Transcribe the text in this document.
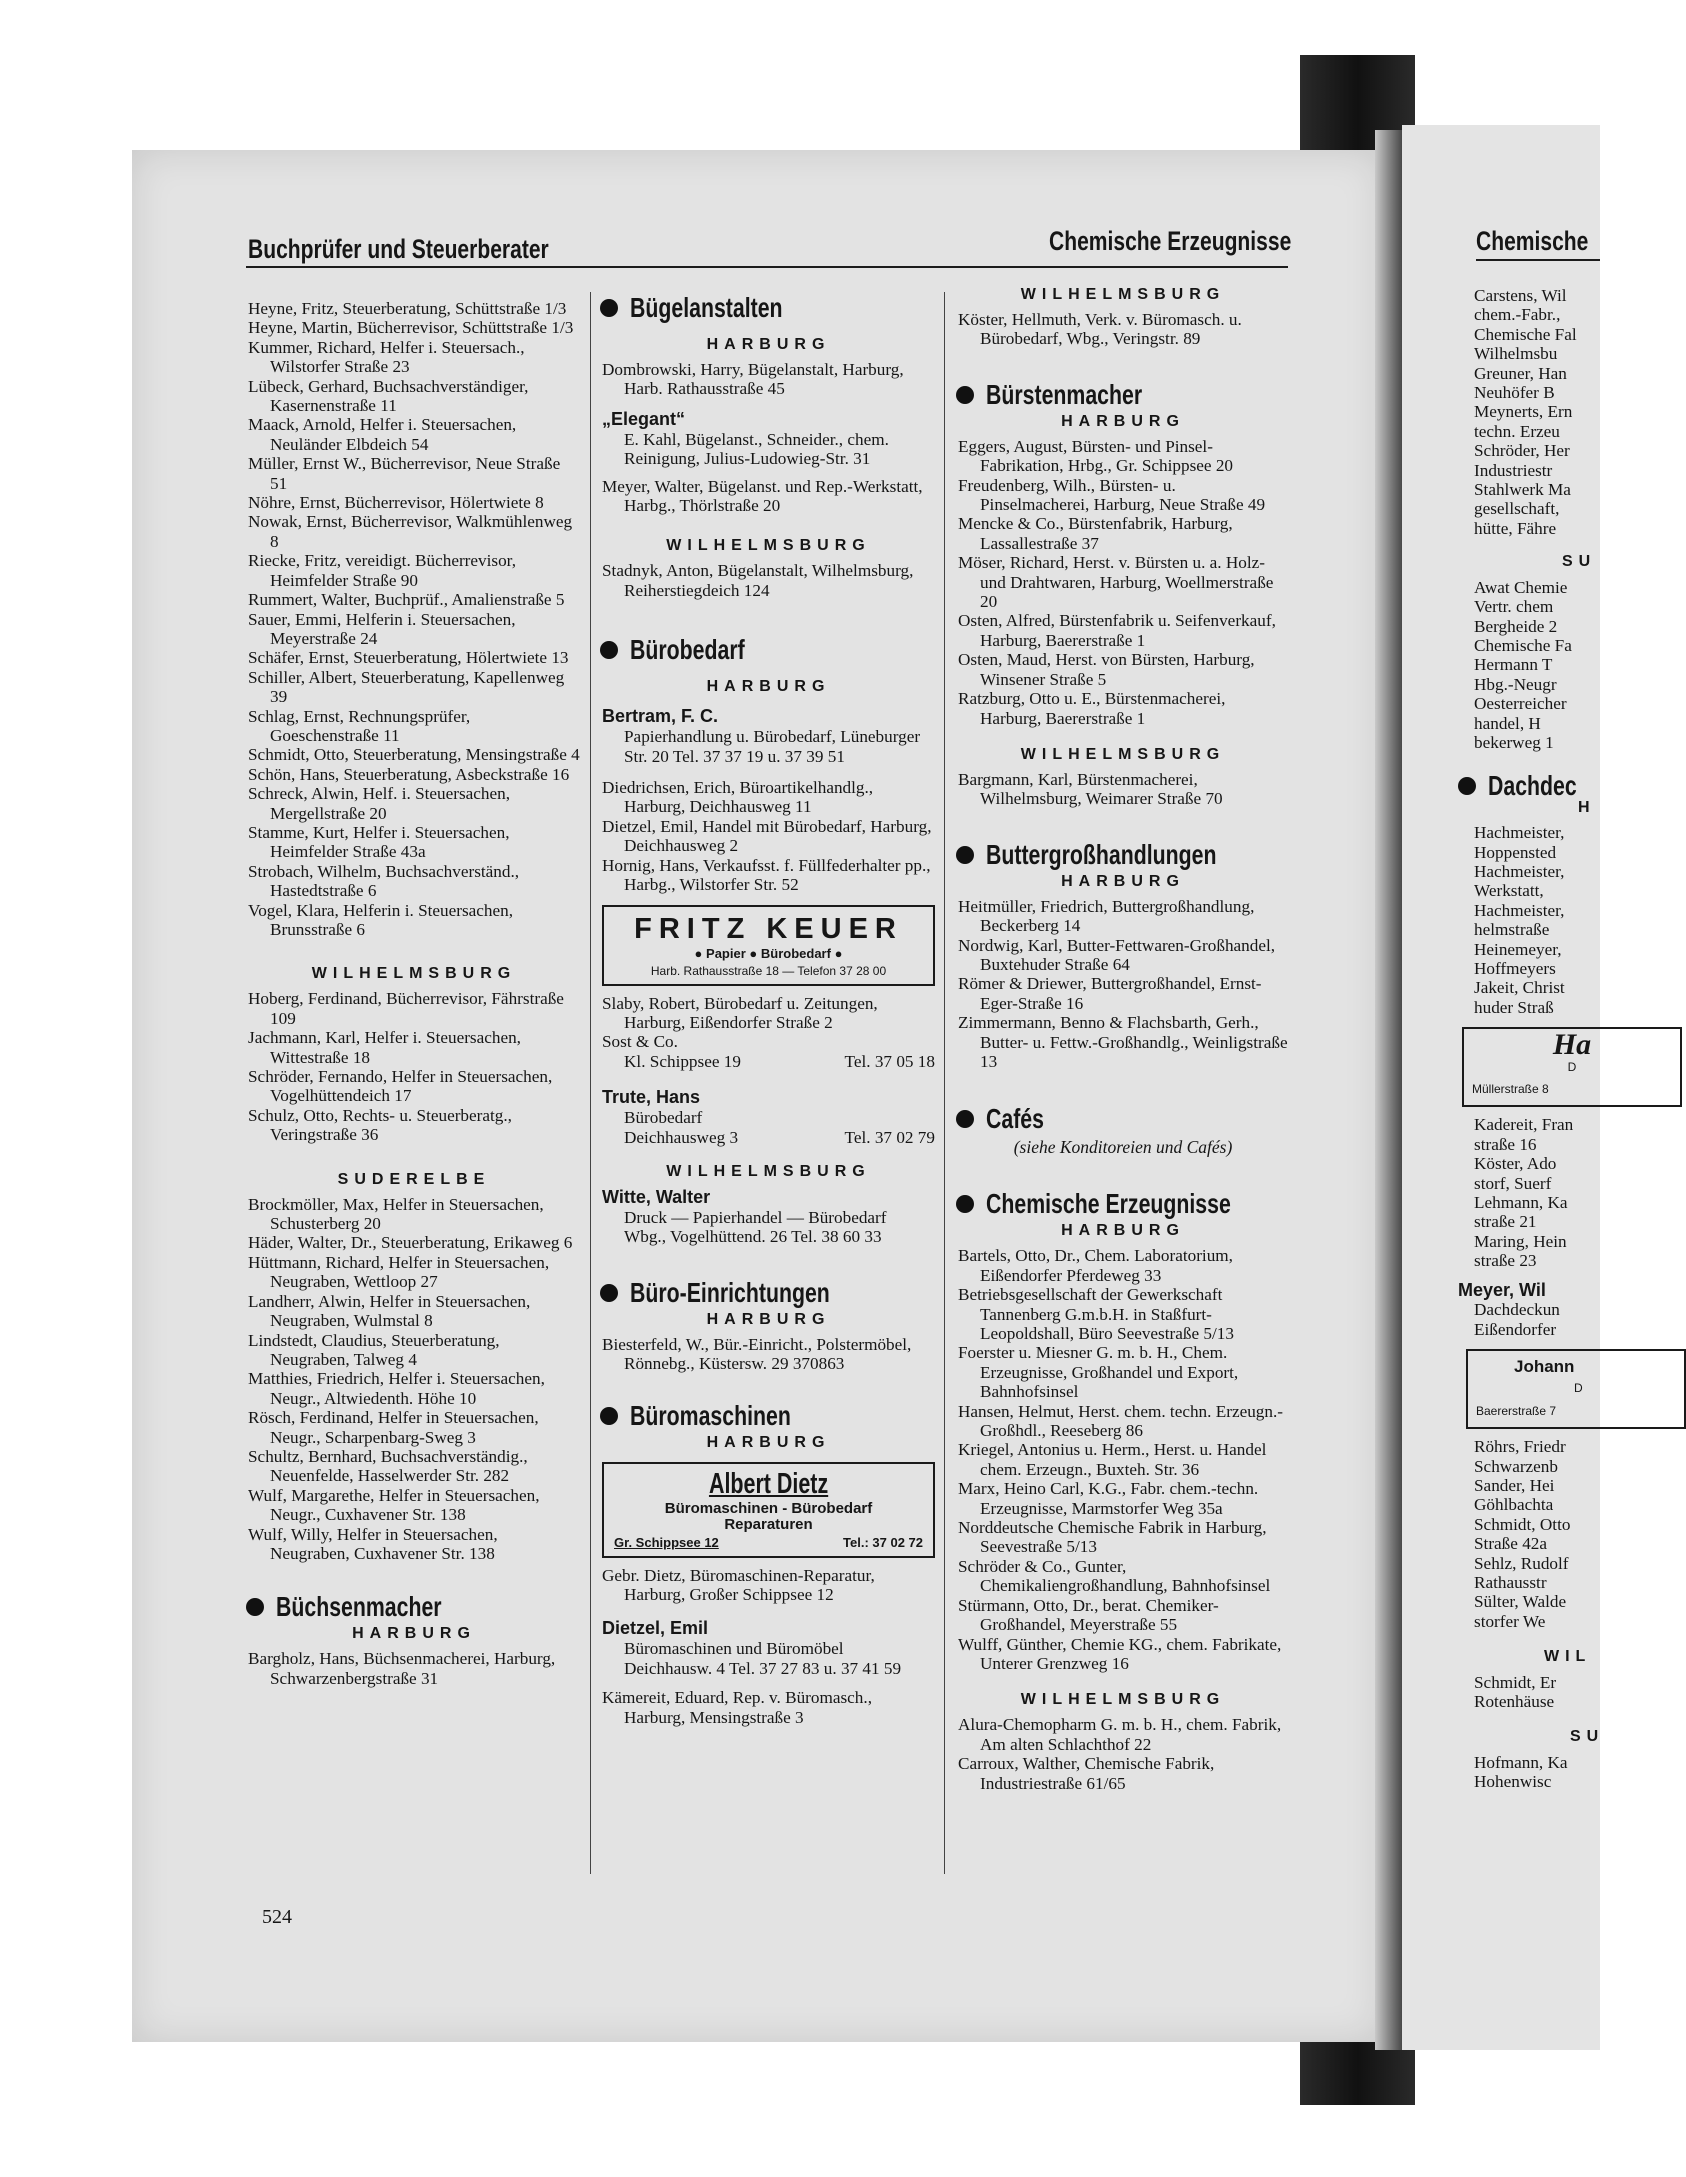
Buchprüfer und Steuerberater	Chemische Erzeugnisse	Chemische
Heyne, Fritz, Steuerberatung, Schüttstraße 1/3
Heyne, Martin, Bücherrevisor, Schüttstraße 1/3
Kummer, Richard, Helfer i. Steuersach., Wilstorfer Straße 23
Lübeck, Gerhard, Buchsachverständiger, Kasernenstraße 11
Maack, Arnold, Helfer i. Steuersachen, Neuländer Elbdeich 54
Müller, Ernst W., Bücherrevisor, Neue Straße 51
Nöhre, Ernst, Bücherrevisor, Hölertwiete 8
Nowak, Ernst, Bücherrevisor, Walkmühlenweg 8
Riecke, Fritz, vereidigt. Bücherrevisor, Heimfelder Straße 90
Rummert, Walter, Buchprüf., Amalienstraße 5
Sauer, Emmi, Helferin i. Steuersachen, Meyerstraße 24
Schäfer, Ernst, Steuerberatung, Hölertwiete 13
Schiller, Albert, Steuerberatung, Kapellenweg 39
Schlag, Ernst, Rechnungsprüfer, Goeschenstraße 11
Schmidt, Otto, Steuerberatung, Mensingstraße 4
Schön, Hans, Steuerberatung, Asbeckstraße 16
Schreck, Alwin, Helf. i. Steuersachen, Mergellstraße 20
Stamme, Kurt, Helfer i. Steuersachen, Heimfelder Straße 43a
Strobach, Wilhelm, Buchsachverständ., Hastedtstraße 6
Vogel, Klara, Helferin i. Steuersachen, Brunsstraße 6
WILHELMSBURG
Hoberg, Ferdinand, Bücherrevisor, Fährstraße 109
Jachmann, Karl, Helfer i. Steuersachen, Wittestraße 18
Schröder, Fernando, Helfer in Steuersachen, Vogelhüttendeich 17
Schulz, Otto, Rechts- u. Steuerberatg., Veringstraße 36
SUDERELBE
Brockmöller, Max, Helfer in Steuersachen, Schusterberg 20
Häder, Walter, Dr., Steuerberatung, Erikaweg 6
Hüttmann, Richard, Helfer in Steuersachen, Neugraben, Wettloop 27
Landherr, Alwin, Helfer in Steuersachen, Neugraben, Wulmstal 8
Lindstedt, Claudius, Steuerberatung, Neugraben, Talweg 4
Matthies, Friedrich, Helfer i. Steuersachen, Neugr., Altwiedenth. Höhe 10
Rösch, Ferdinand, Helfer in Steuersachen, Neugr., Scharpenbarg-Sweg 3
Schultz, Bernhard, Buchsachverständig., Neuenfelde, Hasselwerder Str. 282
Wulf, Margarethe, Helfer in Steuersachen, Neugr., Cuxhavener Str. 138
Wulf, Willy, Helfer in Steuersachen, Neugraben, Cuxhavener Str. 138
Büchsenmacher
HARBURG
Bargholz, Hans, Büchsenmacherei, Harburg, Schwarzenbergstraße 31
Bügelanstalten
HARBURG
Dombrowski, Harry, Bügelanstalt, Harburg, Harb. Rathausstraße 45
„Elegant“
E. Kahl, Bügelanst., Schneider., chem. Reinigung, Julius-Ludowieg-Str. 31
Meyer, Walter, Bügelanst. und Rep.-Werkstatt, Harbg., Thörlstraße 20
WILHELMSBURG
Stadnyk, Anton, Bügelanstalt, Wilhelmsburg, Reiherstiegdeich 124
Bürobedarf
HARBURG
Bertram, F. C.
Papierhandlung u. Bürobedarf, Lüneburger Str. 20 Tel. 37 37 19 u. 37 39 51
Diedrichsen, Erich, Büroartikelhandlg., Harburg, Deichhausweg 11
Dietzel, Emil, Handel mit Bürobedarf, Harburg, Deichhausweg 2
Hornig, Hans, Verkaufsst. f. Füllfederhalter pp., Harbg., Wilstorfer Str. 52
FRITZ KEUER
● Papier ● Bürobedarf ●
Harb. Rathausstraße 18 — Telefon 37 28 00
Slaby, Robert, Bürobedarf u. Zeitungen, Harburg, Eißendorfer Straße 2
Sost & Co.
Kl. Schippsee 19	Tel. 37 05 18
Trute, Hans
Bürobedarf
Deichhausweg 3	Tel. 37 02 79
WILHELMSBURG
Witte, Walter
Druck — Papierhandel — Bürobedarf
Wbg., Vogelhüttend. 26 Tel. 38 60 33
Büro-Einrichtungen
HARBURG
Biesterfeld, W., Bür.-Einricht., Polstermöbel, Rönnebg., Küstersw. 29 370863
Büromaschinen
HARBURG
Albert Dietz
Büromaschinen - Bürobedarf
Reparaturen
Gr. Schippsee 12	Tel.: 37 02 72
Gebr. Dietz, Büromaschinen-Reparatur, Harburg, Großer Schippsee 12
Dietzel, Emil
Büromaschinen und Büromöbel
Deichhausw. 4 Tel. 37 27 83 u. 37 41 59
Kämereit, Eduard, Rep. v. Büromasch., Harburg, Mensingstraße 3
WILHELMSBURG
Köster, Hellmuth, Verk. v. Büromasch. u. Bürobedarf, Wbg., Veringstr. 89
Bürstenmacher
HARBURG
Eggers, August, Bürsten- und Pinsel-Fabrikation, Hrbg., Gr. Schippsee 20
Freudenberg, Wilh., Bürsten- u. Pinselmacherei, Harburg, Neue Straße 49
Mencke & Co., Bürstenfabrik, Harburg, Lassallestraße 37
Möser, Richard, Herst. v. Bürsten u. a. Holz- und Drahtwaren, Harburg, Woellmerstraße 20
Osten, Alfred, Bürstenfabrik u. Seifenverkauf, Harburg, Baererstraße 1
Osten, Maud, Herst. von Bürsten, Harburg, Winsener Straße 5
Ratzburg, Otto u. E., Bürstenmacherei, Harburg, Baererstraße 1
WILHELMSBURG
Bargmann, Karl, Bürstenmacherei, Wilhelmsburg, Weimarer Straße 70
Buttergroßhandlungen
HARBURG
Heitmüller, Friedrich, Buttergroßhandlung, Beckerberg 14
Nordwig, Karl, Butter-Fettwaren-Großhandel, Buxtehuder Straße 64
Römer & Driewer, Buttergroßhandel, Ernst-Eger-Straße 16
Zimmermann, Benno & Flachsbarth, Gerh., Butter- u. Fettw.-Großhandlg., Weinligstraße 13
Cafés
(siehe Konditoreien und Cafés)
Chemische Erzeugnisse
HARBURG
Bartels, Otto, Dr., Chem. Laboratorium, Eißendorfer Pferdeweg 33
Betriebsgesellschaft der Gewerkschaft Tannenberg G.m.b.H. in Staßfurt-Leopoldshall, Büro Seevestraße 5/13
Foerster u. Miesner G. m. b. H., Chem. Erzeugnisse, Großhandel und Export, Bahnhofsinsel
Hansen, Helmut, Herst. chem. techn. Erzeugn.-Großhdl., Reeseberg 86
Kriegel, Antonius u. Herm., Herst. u. Handel chem. Erzeugn., Buxteh. Str. 36
Marx, Heino Carl, K.G., Fabr. chem.-techn. Erzeugnisse, Marmstorfer Weg 35a
Norddeutsche Chemische Fabrik in Harburg, Seevestraße 5/13
Schröder & Co., Gunter, Chemikaliengroßhandlung, Bahnhofsinsel
Stürmann, Otto, Dr., berat. Chemiker-Großhandel, Meyerstraße 55
Wulff, Günther, Chemie KG., chem. Fabrikate, Unterer Grenzweg 16
WILHELMSBURG
Alura-Chemopharm G. m. b. H., chem. Fabrik, Am alten Schlachthof 22
Carroux, Walther, Chemische Fabrik, Industriestraße 61/65
524
Carstens, Wil
chem.-Fabr.,
Chemische Fal
Wilhelmsbu
Greuner, Han
Neuhöfer B
Meynerts, Ern
techn. Erzeu
Schröder, Her
Industriestr
Stahlwerk Ma
gesellschaft,
hütte, Fähre
SU
Awat Chemie
Vertr. chem
Bergheide 2
Chemische Fa
Hermann T
Hbg.-Neugr
Oesterreicher
handel, H
bekerweg 1
Dachdec
H
Hachmeister,
Hoppensted
Hachmeister,
Werkstatt,
Hachmeister,
helmstraße
Heinemeyer,
Hoffmeyers
Jakeit, Christ
huder Straß
Ha
D
Müllerstraße 8
Kadereit, Fran
straße 16
Köster, Ado
storf, Suerf
Lehmann, Ka
straße 21
Maring, Hein
straße 23
Meyer, Wil
Dachdeckun
Eißendorfer
Johann
D
Baererstraße 7
Röhrs, Friedr
Schwarzenb
Sander, Hei
Göhlbachta
Schmidt, Otto
Straße 42a
Sehlz, Rudolf
Rathausstr
Sülter, Walde
storfer We
WIL
Schmidt, Er
Rotenhäuse
SU
Hofmann, Ka
Hohenwisc
